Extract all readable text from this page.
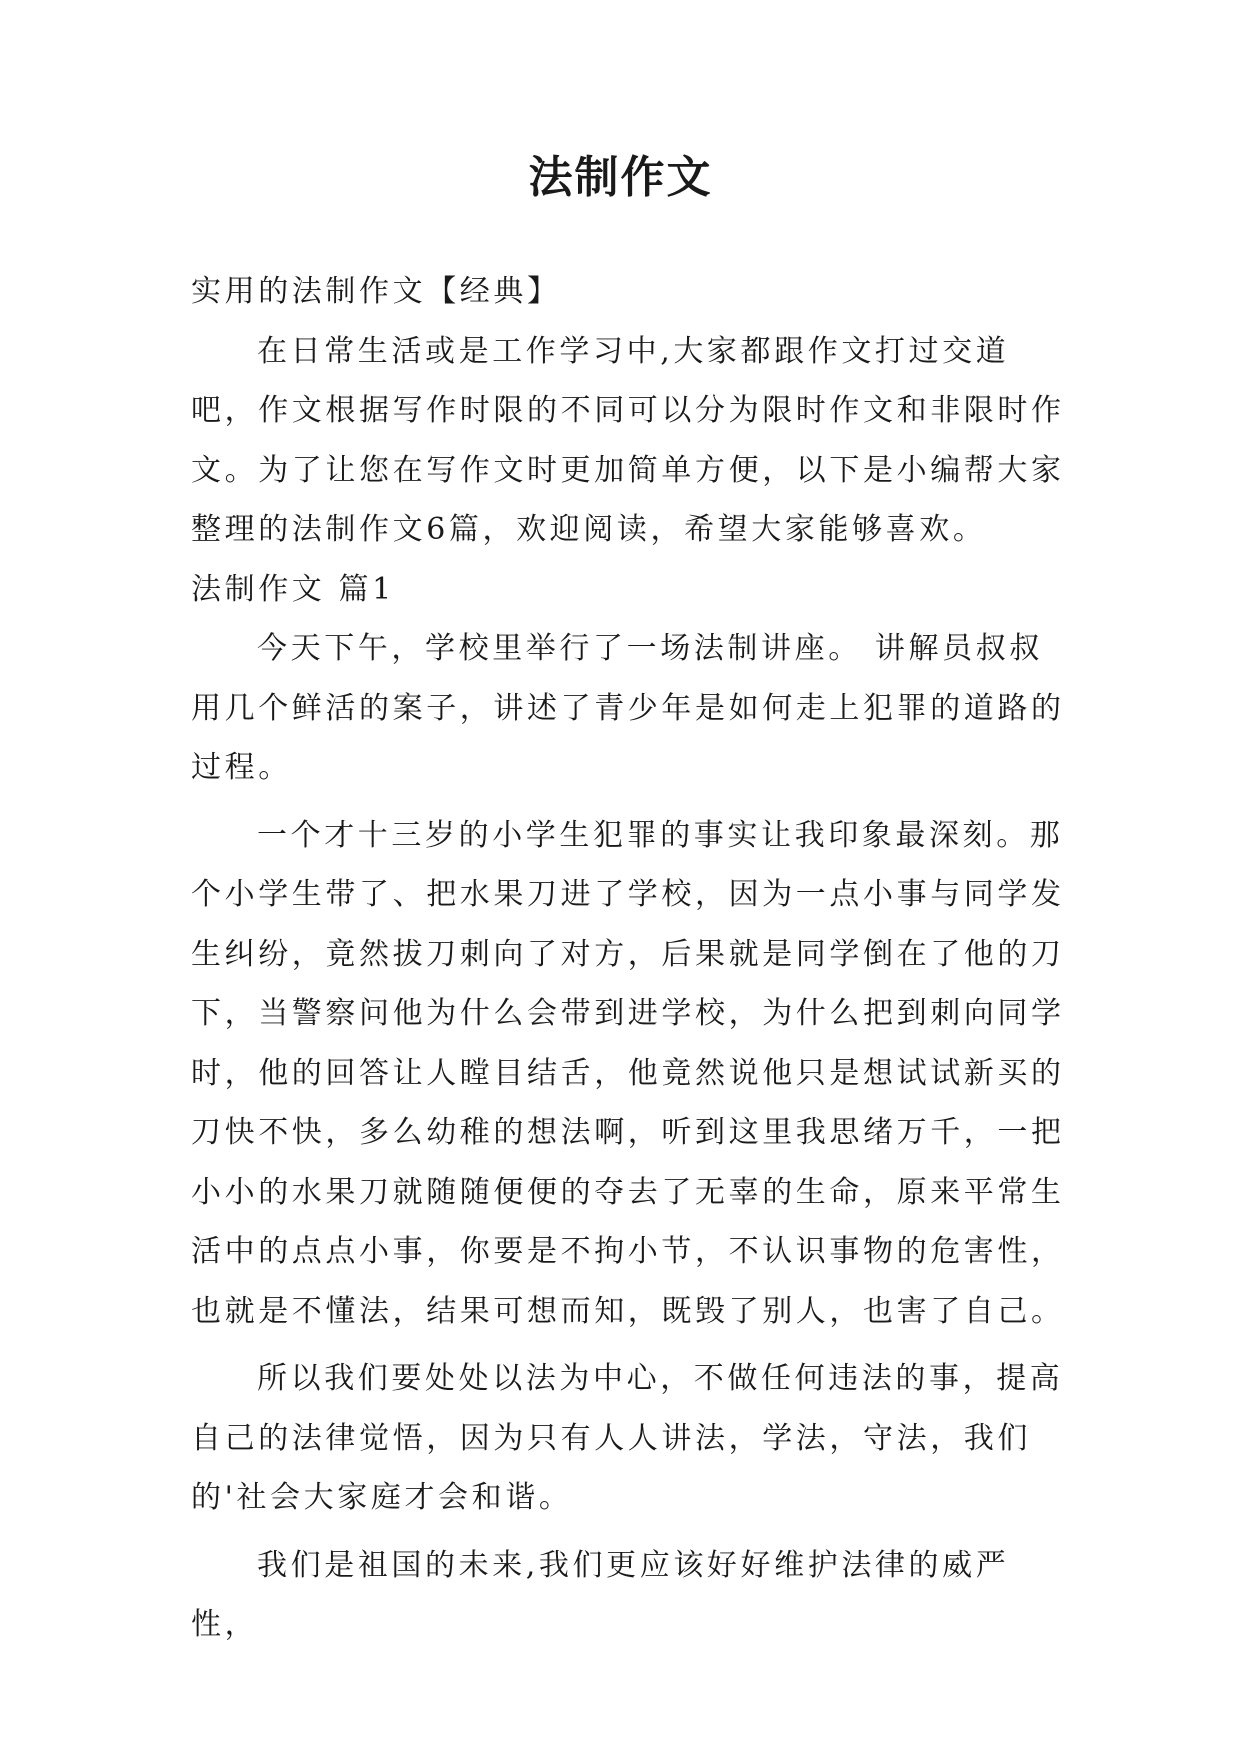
法制作文

实用的法制作文【经典】

在日常生活或是工作学习中,大家都跟作文打过交道吧，作文根据写作时限的不同可以分为限时作文和非限时作文。为了让您在写作文时更加简单方便，以下是小编帮大家整理的法制作文6篇，欢迎阅读，希望大家能够喜欢。

法制作文 篇1

今天下午，学校里举行了一场法制讲座。 讲解员叔叔用几个鲜活的案子，讲述了青少年是如何走上犯罪的道路的过程。

一个才十三岁的小学生犯罪的事实让我印象最深刻。那个小学生带了、把水果刀进了学校，因为一点小事与同学发生纠纷，竟然拔刀刺向了对方，后果就是同学倒在了他的刀下，当警察问他为什么会带到进学校，为什么把到刺向同学时，他的回答让人瞠目结舌，他竟然说他只是想试试新买的刀快不快，多么幼稚的想法啊，听到这里我思绪万千，一把小小的水果刀就随随便便的夺去了无辜的生命，原来平常生活中的点点小事，你要是不拘小节，不认识事物的危害性，也就是不懂法，结果可想而知，既毁了别人，也害了自己。

所以我们要处处以法为中心，不做任何违法的事，提高自己的法律觉悟，因为只有人人讲法，学法，守法，我们的'社会大家庭才会和谐。

我们是祖国的未来,我们更应该好好维护法律的威严性，
